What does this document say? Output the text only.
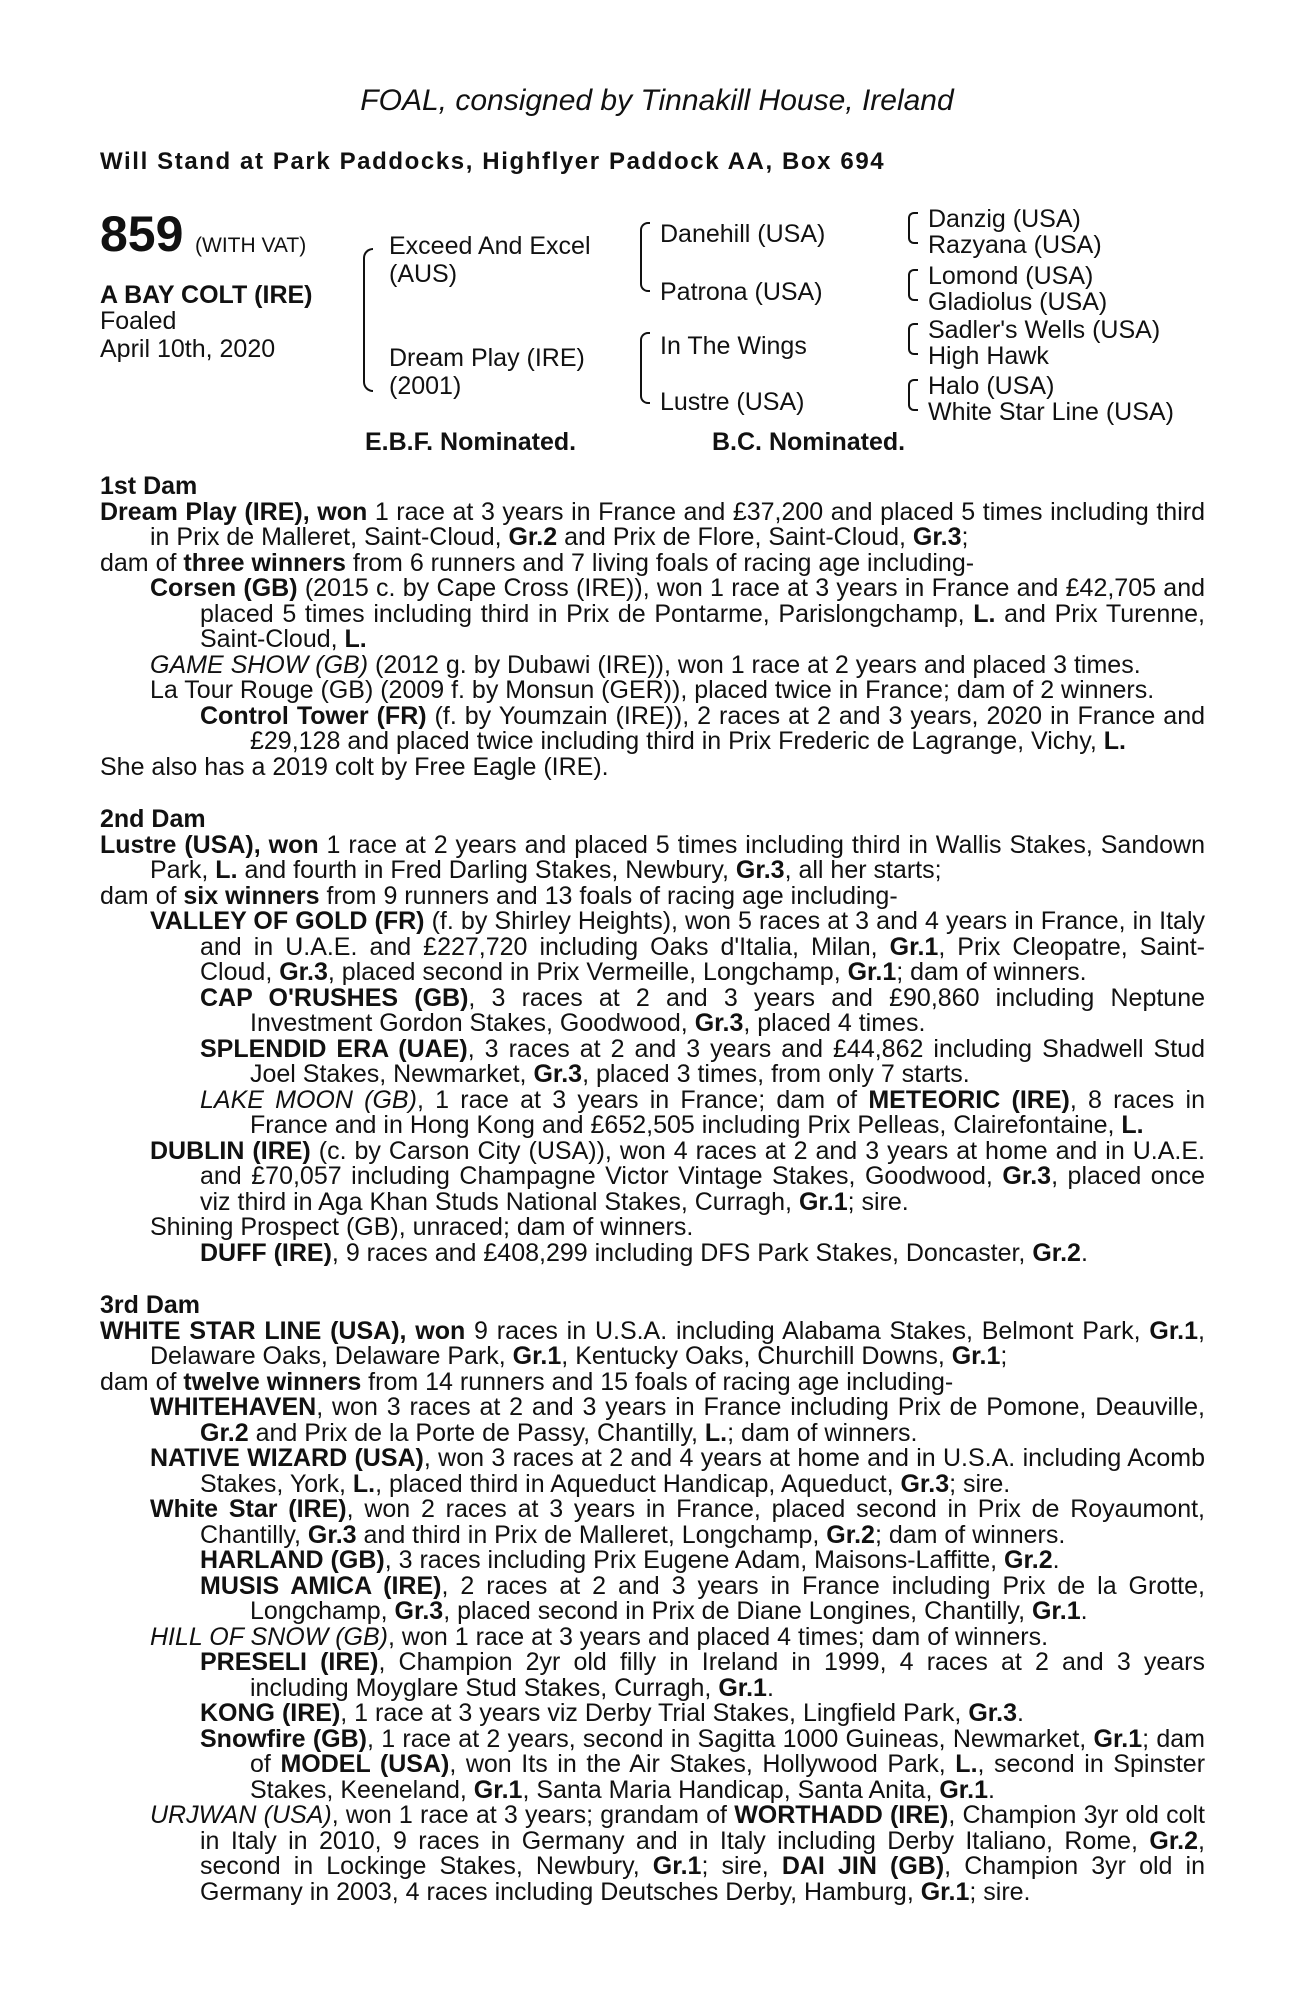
FOAL, consigned by Tinnakill House, Ireland
Will Stand at Park Paddocks, Highflyer Paddock AA, Box 694
859 (WITH VAT)
A BAY COLT (IRE)
Foaled
April 10th, 2020
Exceed And Excel
(AUS)
Dream Play (IRE)
(2001)
Danehill (USA)
Patrona (USA)
In The Wings
Lustre (USA)
Danzig (USA)
Razyana (USA)
Lomond (USA)
Gladiolus (USA)
Sadler's Wells (USA)
High Hawk
Halo (USA)
White Star Line (USA)
E.B.F. Nominated.	B.C. Nominated.
1st Dam

Dream Play (IRE), won 1 race at 3 years in France and £37,200 and placed 5 times including third in Prix de Malleret, Saint-Cloud, Gr.2 and Prix de Flore, Saint-Cloud, Gr.3;

dam of three winners from 6 runners and 7 living foals of racing age including-

Corsen (GB) (2015 c. by Cape Cross (IRE)), won 1 race at 3 years in France and £42,705 and placed 5 times including third in Prix de Pontarme, Parislongchamp, L. and Prix Turenne, Saint-Cloud, L.

GAME SHOW (GB) (2012 g. by Dubawi (IRE)), won 1 race at 2 years and placed 3 times.

La Tour Rouge (GB) (2009 f. by Monsun (GER)), placed twice in France; dam of 2 winners.

Control Tower (FR) (f. by Youmzain (IRE)), 2 races at 2 and 3 years, 2020 in France and £29,128 and placed twice including third in Prix Frederic de Lagrange, Vichy, L.

She also has a 2019 colt by Free Eagle (IRE).

2nd Dam

Lustre (USA), won 1 race at 2 years and placed 5 times including third in Wallis Stakes, Sandown Park, L. and fourth in Fred Darling Stakes, Newbury, Gr.3, all her starts;

dam of six winners from 9 runners and 13 foals of racing age including-

VALLEY OF GOLD (FR) (f. by Shirley Heights), won 5 races at 3 and 4 years in France, in Italy and in U.A.E. and £227,720 including Oaks d'Italia, Milan, Gr.1, Prix Cleopatre, Saint-Cloud, Gr.3, placed second in Prix Vermeille, Longchamp, Gr.1; dam of winners.

CAP O'RUSHES (GB), 3 races at 2 and 3 years and £90,860 including Neptune Investment Gordon Stakes, Goodwood, Gr.3, placed 4 times.

SPLENDID ERA (UAE), 3 races at 2 and 3 years and £44,862 including Shadwell Stud Joel Stakes, Newmarket, Gr.3, placed 3 times, from only 7 starts.

LAKE MOON (GB), 1 race at 3 years in France; dam of METEORIC (IRE), 8 races in France and in Hong Kong and £652,505 including Prix Pelleas, Clairefontaine, L.

DUBLIN (IRE) (c. by Carson City (USA)), won 4 races at 2 and 3 years at home and in U.A.E. and £70,057 including Champagne Victor Vintage Stakes, Goodwood, Gr.3, placed once viz third in Aga Khan Studs National Stakes, Curragh, Gr.1; sire.

Shining Prospect (GB), unraced; dam of winners.

DUFF (IRE), 9 races and £408,299 including DFS Park Stakes, Doncaster, Gr.2.

3rd Dam

WHITE STAR LINE (USA), won 9 races in U.S.A. including Alabama Stakes, Belmont Park, Gr.1, Delaware Oaks, Delaware Park, Gr.1, Kentucky Oaks, Churchill Downs, Gr.1;

dam of twelve winners from 14 runners and 15 foals of racing age including-

WHITEHAVEN, won 3 races at 2 and 3 years in France including Prix de Pomone, Deauville, Gr.2 and Prix de la Porte de Passy, Chantilly, L.; dam of winners.

NATIVE WIZARD (USA), won 3 races at 2 and 4 years at home and in U.S.A. including Acomb Stakes, York, L., placed third in Aqueduct Handicap, Aqueduct, Gr.3; sire.

White Star (IRE), won 2 races at 3 years in France, placed second in Prix de Royaumont, Chantilly, Gr.3 and third in Prix de Malleret, Longchamp, Gr.2; dam of winners.

HARLAND (GB), 3 races including Prix Eugene Adam, Maisons-Laffitte, Gr.2.

MUSIS AMICA (IRE), 2 races at 2 and 3 years in France including Prix de la Grotte, Longchamp, Gr.3, placed second in Prix de Diane Longines, Chantilly, Gr.1.

HILL OF SNOW (GB), won 1 race at 3 years and placed 4 times; dam of winners.

PRESELI (IRE), Champion 2yr old filly in Ireland in 1999, 4 races at 2 and 3 years including Moyglare Stud Stakes, Curragh, Gr.1.

KONG (IRE), 1 race at 3 years viz Derby Trial Stakes, Lingfield Park, Gr.3.

Snowfire (GB), 1 race at 2 years, second in Sagitta 1000 Guineas, Newmarket, Gr.1; dam of MODEL (USA), won Its in the Air Stakes, Hollywood Park, L., second in Spinster Stakes, Keeneland, Gr.1, Santa Maria Handicap, Santa Anita, Gr.1.

URJWAN (USA), won 1 race at 3 years; grandam of WORTHADD (IRE), Champion 3yr old colt in Italy in 2010, 9 races in Germany and in Italy including Derby Italiano, Rome, Gr.2, second in Lockinge Stakes, Newbury, Gr.1; sire, DAI JIN (GB), Champion 3yr old in Germany in 2003, 4 races including Deutsches Derby, Hamburg, Gr.1; sire.
